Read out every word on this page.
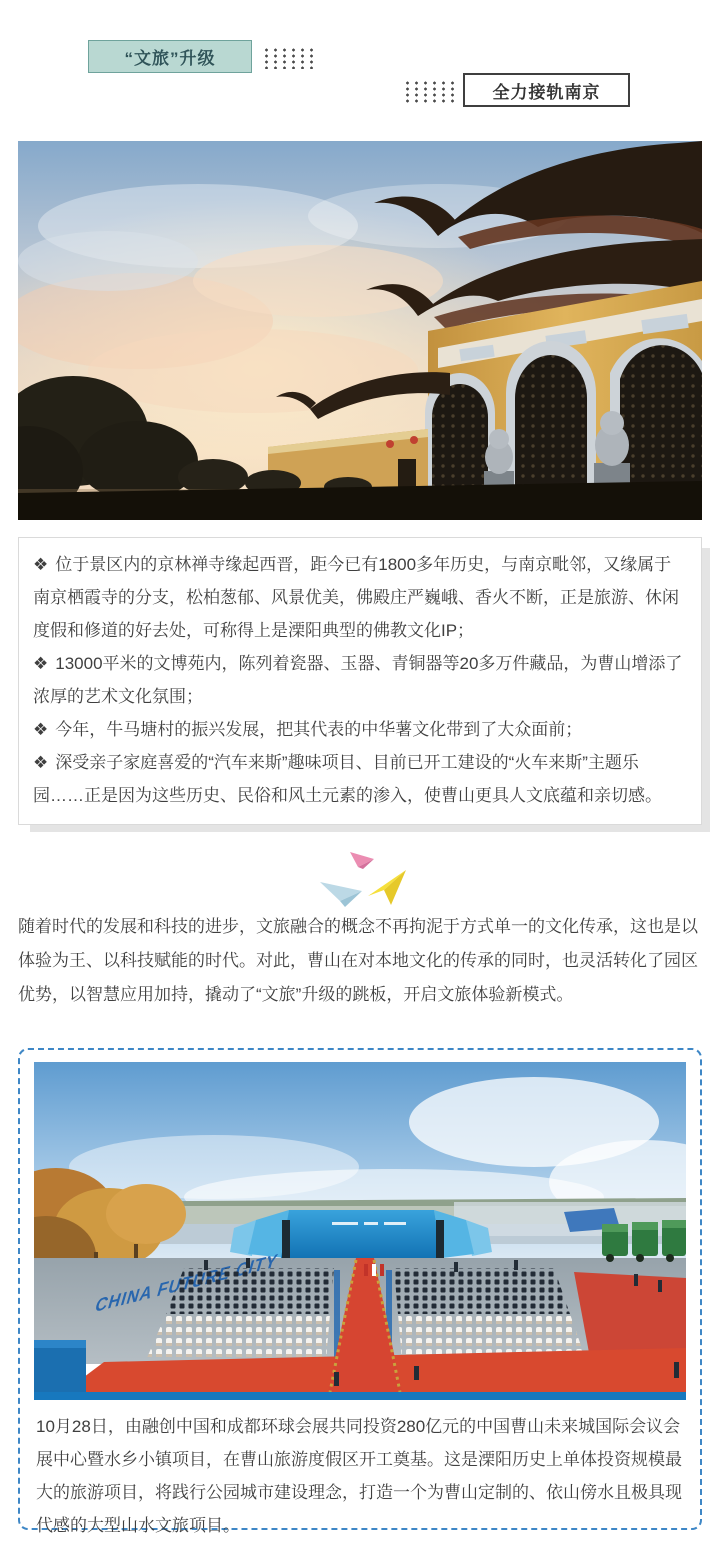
“文旅”升级
全力接轨南京

❖ 位于景区内的京林禅寺缘起西晋，距今已有1800多年历史，与南京毗邻，又缘属于南京栖霞寺的分支，松柏葱郁、风景优美，佛殿庄严巍峨、香火不断，正是旅游、休闲度假和修道的好去处，可称得上是溧阳典型的佛教文化IP；

❖ 13000平米的文博苑内，陈列着瓷器、玉器、青铜器等20多万件藏品，为曹山增添了浓厚的艺术文化氛围；

❖ 今年，牛马塘村的振兴发展，把其代表的中华薯文化带到了大众面前；

❖ 深受亲子家庭喜爱的“汽车来斯”趣味项目、目前已开工建设的“火车来斯”主题乐园……正是因为这些历史、民俗和风土元素的渗入，使曹山更具人文底蕴和亲切感。

随着时代的发展和科技的进步，文旅融合的概念不再拘泥于方式单一的文化传承，这也是以体验为王、以科技赋能的时代。对此，曹山在对本地文化的传承的同时，也灵活转化了园区优势，以智慧应用加持，撬动了“文旅”升级的跳板，开启文旅体验新模式。

CHINA CITY

10月28日，由融创中国和成都环球会展共同投资280亿元的中国曹山未来城国际会议会展中心暨水乡小镇项目，在曹山旅游度假区开工奠基。这是溧阳历史上单体投资规模最大的旅游项目，将践行公园城市建设理念，打造一个为曹山定制的、依山傍水且极具现代感的大型山水文旅项目。
